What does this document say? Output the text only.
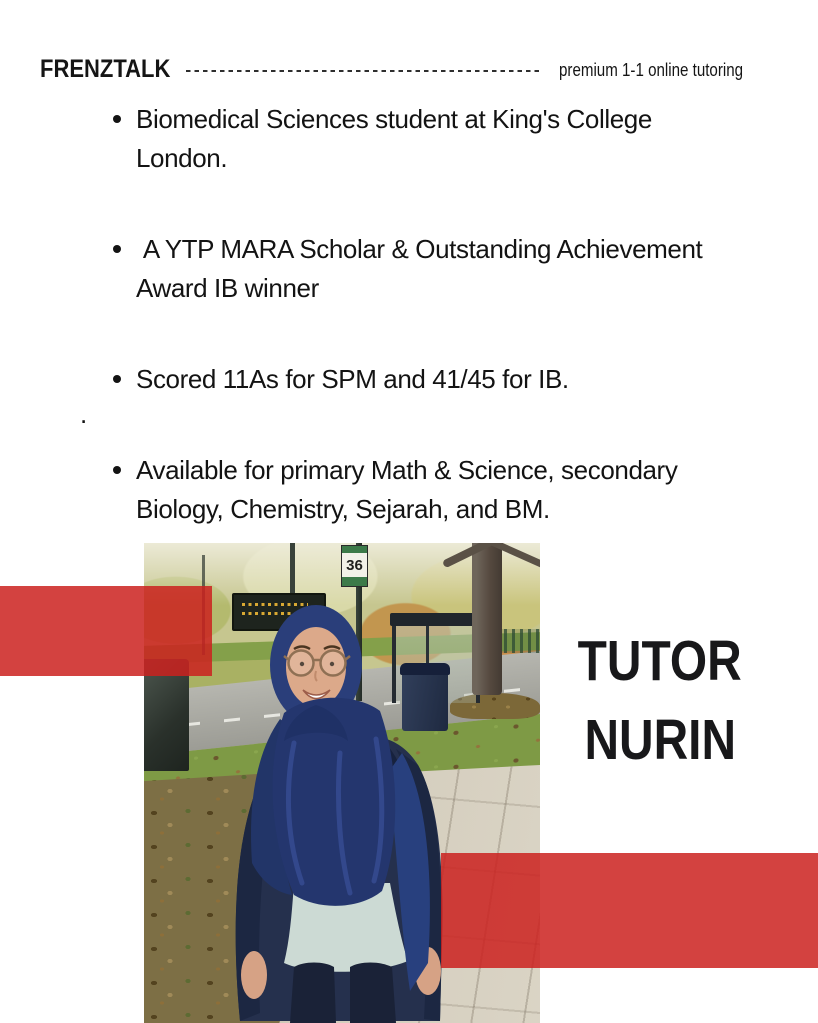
FRENZTALK	premium 1-1 online tutoring
Biomedical Sciences student at King's College London.
A YTP MARA Scholar & Outstanding Achievement Award IB winner
Scored 11As for SPM and 41/45 for IB.
Available for primary Math & Science, secondary Biology, Chemistry, Sejarah, and BM.
.
36
TUTOR
NURIN
